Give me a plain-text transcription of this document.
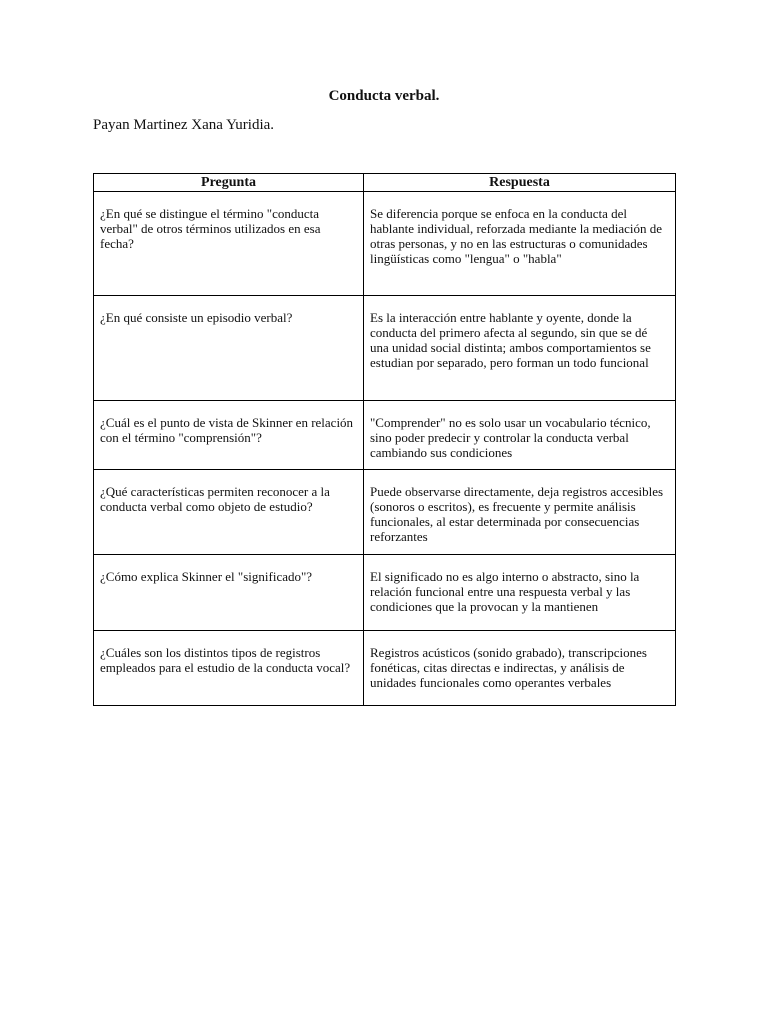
Conducta verbal.
Payan Martinez Xana Yuridia.
Pregunta	Respuesta
¿En qué se distingue el término "conducta verbal" de otros términos utilizados en esa fecha?	Se diferencia porque se enfoca en la conducta del hablante individual, reforzada mediante la mediación de otras personas, y no en las estructuras o comunidades lingüísticas como "lengua" o "habla"
¿En qué consiste un episodio verbal?	Es la interacción entre hablante y oyente, donde la conducta del primero afecta al segundo, sin que se dé una unidad social distinta; ambos comportamientos se estudian por separado, pero forman un todo funcional
¿Cuál es el punto de vista de Skinner en relación con el término "comprensión"?	"Comprender" no es solo usar un vocabulario técnico, sino poder predecir y controlar la conducta verbal cambiando sus condiciones
¿Qué características permiten reconocer a la conducta verbal como objeto de estudio?	Puede observarse directamente, deja registros accesibles (sonoros o escritos), es frecuente y permite análisis funcionales, al estar determinada por consecuencias reforzantes
¿Cómo explica Skinner el "significado"?	El significado no es algo interno o abstracto, sino la relación funcional entre una respuesta verbal y las condiciones que la provocan y la mantienen
¿Cuáles son los distintos tipos de registros empleados para el estudio de la conducta vocal?	Registros acústicos (sonido grabado), transcripciones fonéticas, citas directas e indirectas, y análisis de unidades funcionales como operantes verbales
